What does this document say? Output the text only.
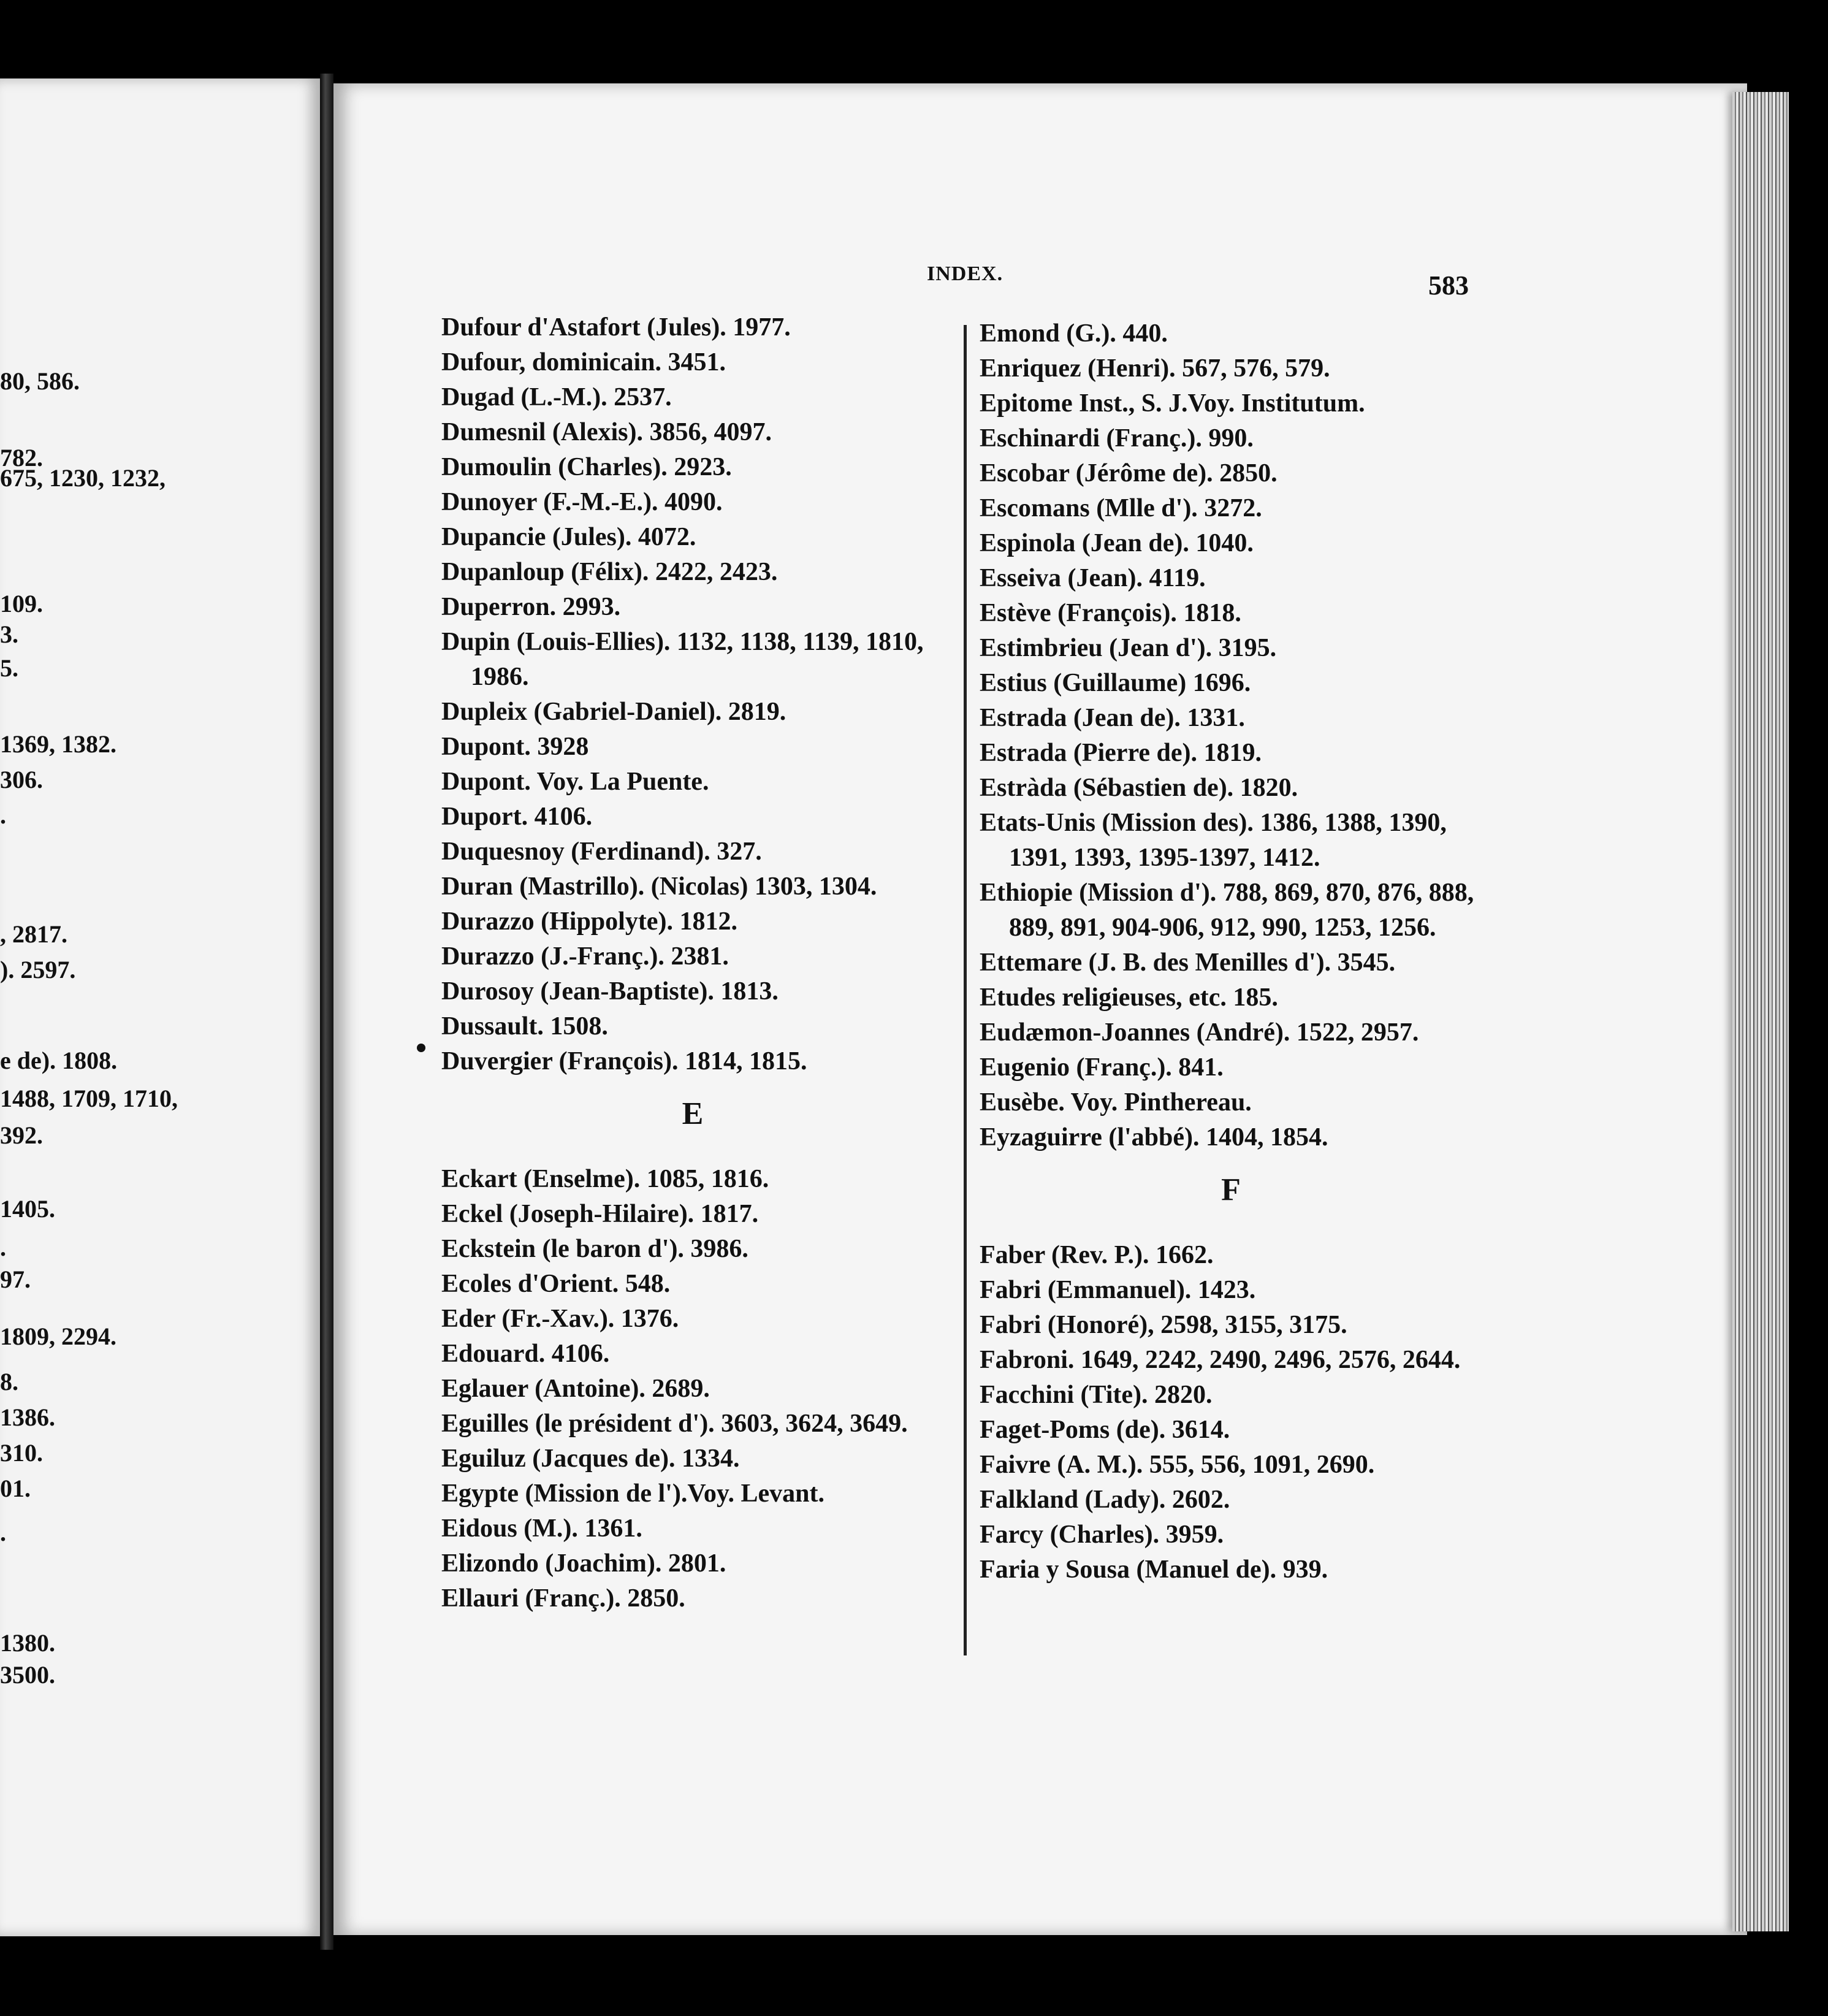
80, 586.
782.
675, 1230, 1232,
109.
3.
5.
1369, 1382.
306.
.
, 2817.
). 2597.
e de). 1808.
1488, 1709, 1710,
392.
1405.
.
97.
1809, 2294.
8.
1386.
310.
01.
.
1380.
3500.
INDEX.	583
Dufour d'Astafort (Jules). 1977.
Dufour, dominicain. 3451.
Dugad (L.-M.). 2537.
Dumesnil (Alexis). 3856, 4097.
Dumoulin (Charles). 2923.
Dunoyer (F.-M.-E.). 4090.
Dupancie (Jules). 4072.
Dupanloup (Félix). 2422, 2423.
Duperron. 2993.
Dupin (Louis-Ellies). 1132, 1138, 1139, 1810, 1986.
Dupleix (Gabriel-Daniel). 2819.
Dupont. 3928
Dupont. Voy. La Puente.
Duport. 4106.
Duquesnoy (Ferdinand). 327.
Duran (Mastrillo). (Nicolas) 1303, 1304.
Durazzo (Hippolyte). 1812.
Durazzo (J.-Franç.). 2381.
Durosoy (Jean-Baptiste). 1813.
Dussault. 1508.
Duvergier (François). 1814, 1815.
E
Eckart (Enselme). 1085, 1816.
Eckel (Joseph-Hilaire). 1817.
Eckstein (le baron d'). 3986.
Ecoles d'Orient. 548.
Eder (Fr.-Xav.). 1376.
Edouard. 4106.
Eglauer (Antoine). 2689.
Eguilles (le président d'). 3603, 3624, 3649.
Eguiluz (Jacques de). 1334.
Egypte (Mission de l').Voy. Levant.
Eidous (M.). 1361.
Elizondo (Joachim). 2801.
Ellauri (Franç.). 2850.
Emond (G.). 440.
Enriquez (Henri). 567, 576, 579.
Epitome Inst., S. J.Voy. Institutum.
Eschinardi (Franç.). 990.
Escobar (Jérôme de). 2850.
Escomans (Mlle d'). 3272.
Espinola (Jean de). 1040.
Esseiva (Jean). 4119.
Estève (François). 1818.
Estimbrieu (Jean d'). 3195.
Estius (Guillaume) 1696.
Estrada (Jean de). 1331.
Estrada (Pierre de). 1819.
Estràda (Sébastien de). 1820.
Etats-Unis (Mission des). 1386, 1388, 1390, 1391, 1393, 1395-1397, 1412.
Ethiopie (Mission d'). 788, 869, 870, 876, 888, 889, 891, 904-906, 912, 990, 1253, 1256.
Ettemare (J. B. des Menilles d'). 3545.
Etudes religieuses, etc. 185.
Eudæmon-Joannes (André). 1522, 2957.
Eugenio (Franç.). 841.
Eusèbe. Voy. Pinthereau.
Eyzaguirre (l'abbé). 1404, 1854.
F
Faber (Rev. P.). 1662.
Fabri (Emmanuel). 1423.
Fabri (Honoré), 2598, 3155, 3175.
Fabroni. 1649, 2242, 2490, 2496, 2576, 2644.
Facchini (Tite). 2820.
Faget-Poms (de). 3614.
Faivre (A. M.). 555, 556, 1091, 2690.
Falkland (Lady). 2602.
Farcy (Charles). 3959.
Faria y Sousa (Manuel de). 939.
